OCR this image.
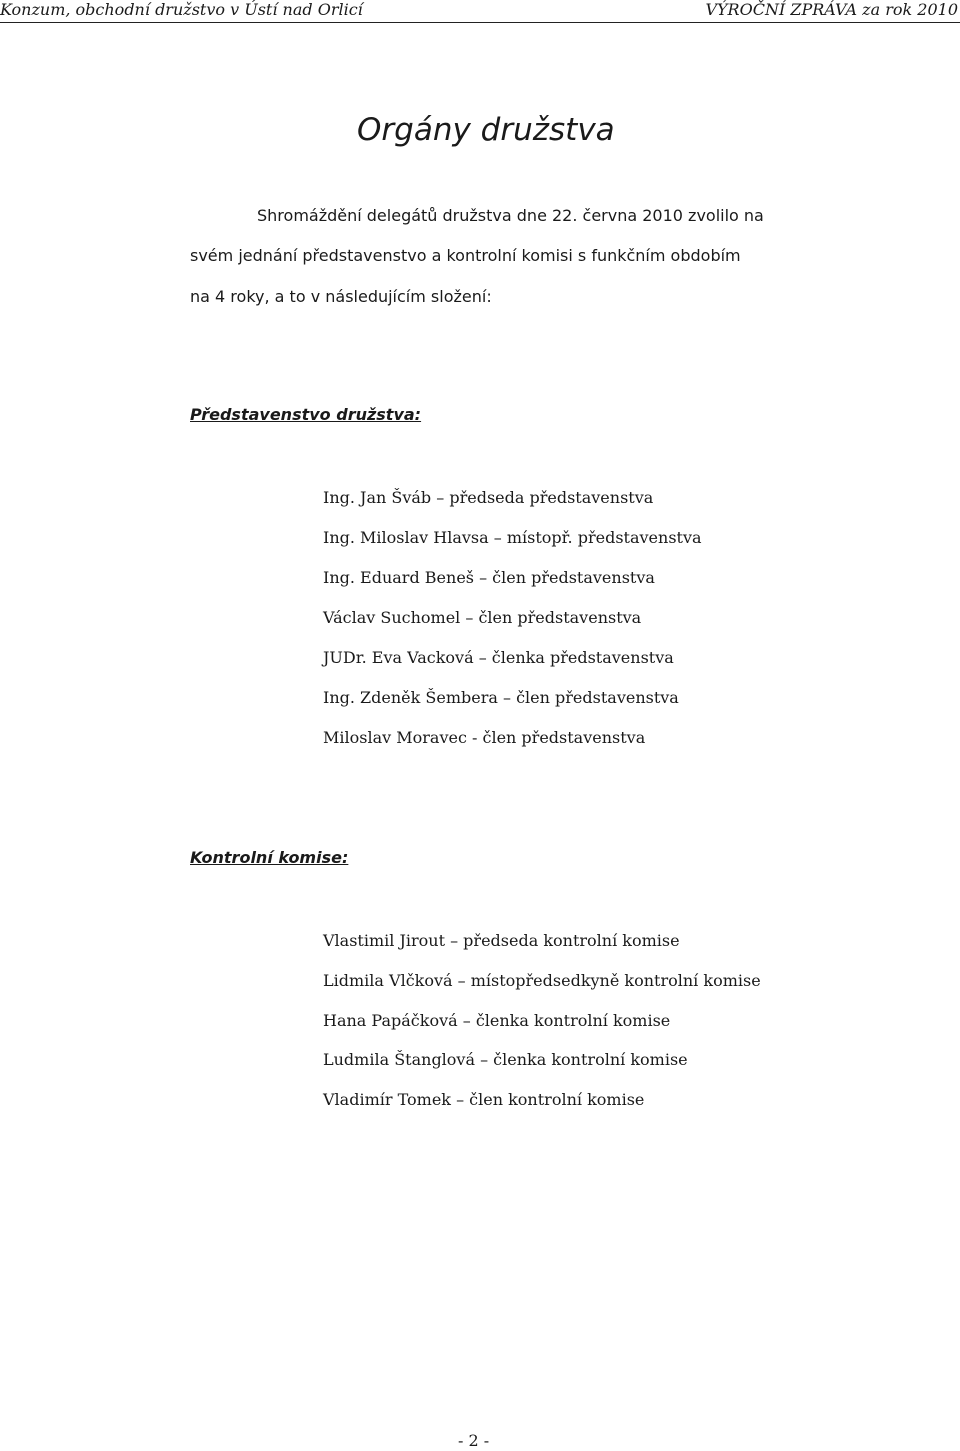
Konzum, obchodní družstvo v Ústí nad Orlicí	VÝROČNÍ ZPRÁVA za rok 2010
Orgány družstva
Shromáždění delegátů družstva dne 22. června 2010 zvolilo na
svém jednání představenstvo a kontrolní komisi s funkčním obdobím
na 4 roky, a to v následujícím složení:
Představenstvo družstva:
Ing. Jan Šváb – předseda představenstva
Ing. Miloslav Hlavsa – místopř. představenstva
Ing. Eduard Beneš – člen představenstva
Václav Suchomel – člen představenstva
JUDr. Eva Vacková – členka představenstva
Ing. Zdeněk Šembera – člen představenstva
Miloslav Moravec - člen představenstva
Kontrolní komise:
Vlastimil Jirout – předseda kontrolní komise
Lidmila Vlčková – místopředsedkyně kontrolní komise
Hana Papáčková – členka kontrolní komise
Ludmila Štanglová – členka kontrolní komise
Vladimír Tomek – člen kontrolní komise
- 2 -
